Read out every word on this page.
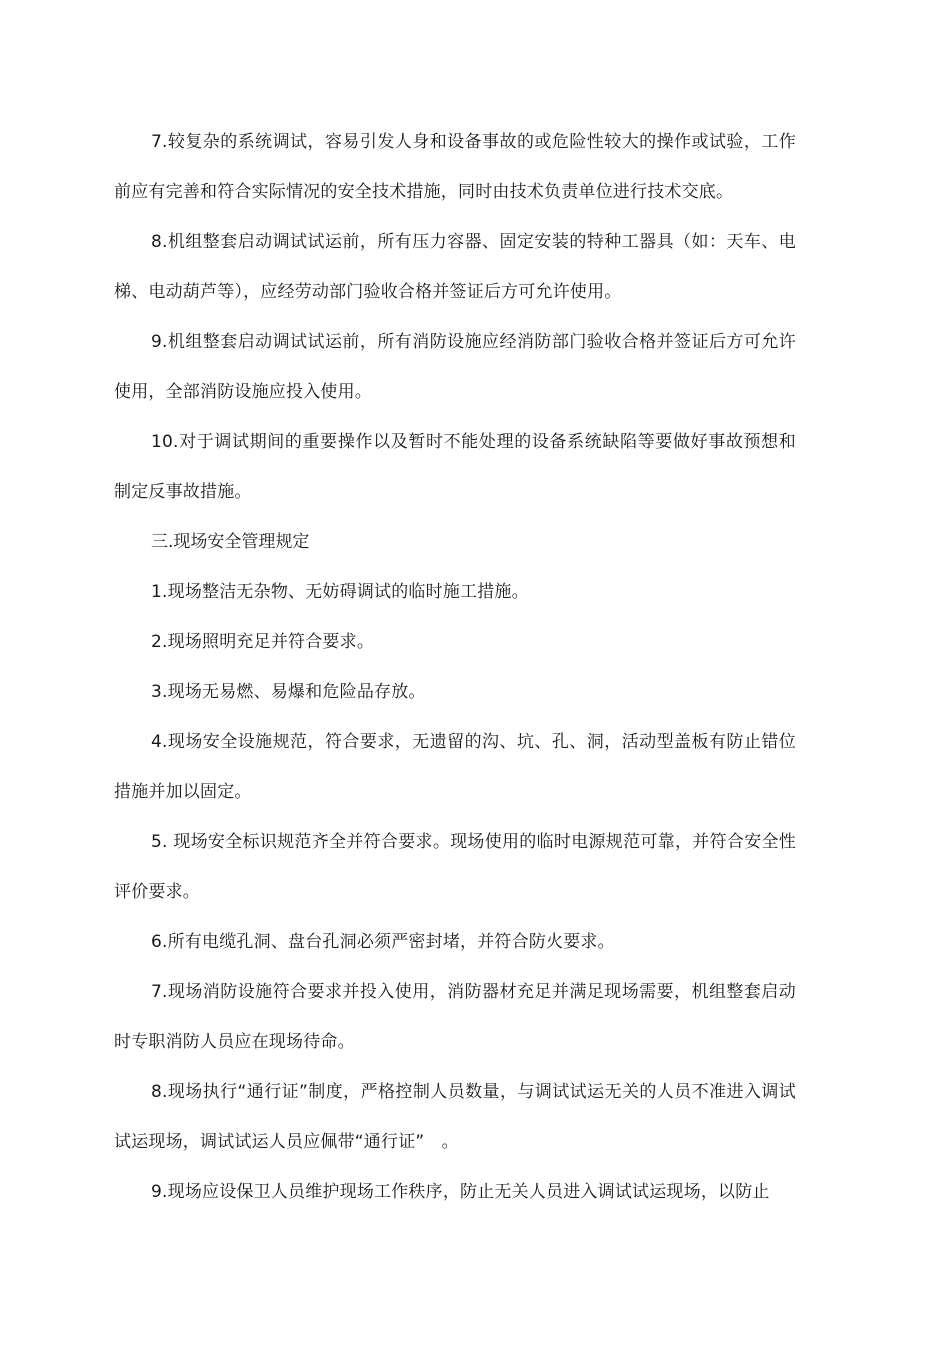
7.较复杂的系统调试，容易引发人身和设备事故的或危险性较大的操作或试验，工作前应有完善和符合实际情况的安全技术措施，同时由技术负责单位进行技术交底。

8.机组整套启动调试试运前，所有压力容器、固定安装的特种工器具（如：天车、电梯、电动葫芦等），应经劳动部门验收合格并签证后方可允许使用。

9.机组整套启动调试试运前，所有消防设施应经消防部门验收合格并签证后方可允许使用，全部消防设施应投入使用。

10.对于调试期间的重要操作以及暂时不能处理的设备系统缺陷等要做好事故预想和制定反事故措施。

三.现场安全管理规定

1.现场整洁无杂物、无妨碍调试的临时施工措施。

2.现场照明充足并符合要求。

3.现场无易燃、易爆和危险品存放。

4.现场安全设施规范，符合要求，无遗留的沟、坑、孔、洞，活动型盖板有防止错位措施并加以固定。

5. 现场安全标识规范齐全并符合要求。现场使用的临时电源规范可靠，并符合安全性评价要求。

6.所有电缆孔洞、盘台孔洞必须严密封堵，并符合防火要求。

7.现场消防设施符合要求并投入使用，消防器材充足并满足现场需要，机组整套启动时专职消防人员应在现场待命。

8.现场执行“通行证”制度，严格控制人员数量，与调试试运无关的人员不准进入调试试运现场，调试试运人员应佩带“通行证”　。

9.现场应设保卫人员维护现场工作秩序，防止无关人员进入调试试运现场，以防止
